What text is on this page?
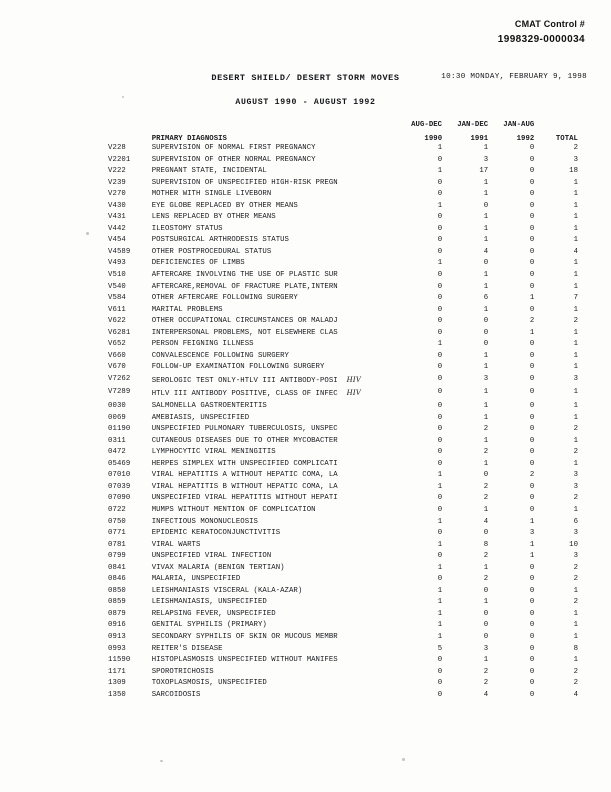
CMAT Control #
1998329-0000034
DESERT SHIELD/ DESERT STORM MOVES	10:30 MONDAY, FEBRUARY 9, 1998
AUGUST 1990 - AUGUST 1992
		AUG-DEC	JAN-DEC	JAN-AUG	
	PRIMARY DIAGNOSIS	1990	1991	1992	TOTAL
V228	SUPERVISION OF NORMAL FIRST PREGNANCY	1	1	0	2
V2201	SUPERVISION OF OTHER NORMAL PREGNANCY	0	3	0	3
V222	PREGNANT STATE, INCIDENTAL	1	17	0	18
V239	SUPERVISION OF UNSPECIFIED HIGH-RISK PREGN	0	1	0	1
V270	MOTHER WITH SINGLE LIVEBORN	0	1	0	1
V430	EYE GLOBE REPLACED BY OTHER MEANS	1	0	0	1
V431	LENS REPLACED BY OTHER MEANS	0	1	0	1
V442	ILEOSTOMY STATUS	0	1	0	1
V454	POSTSURGICAL ARTHRODESIS STATUS	0	1	0	1
V4589	OTHER POSTPROCEDURAL STATUS	0	4	0	4
V493	DEFICIENCIES OF LIMBS	1	0	0	1
V510	AFTERCARE INVOLVING THE USE OF PLASTIC SUR	0	1	0	1
V540	AFTERCARE,REMOVAL OF FRACTURE PLATE,INTERN	0	1	0	1
V584	OTHER AFTERCARE FOLLOWING SURGERY	0	6	1	7
V611	MARITAL PROBLEMS	0	1	0	1
V622	OTHER OCCUPATIONAL CIRCUMSTANCES OR MALADJ	0	0	2	2
V6281	INTERPERSONAL PROBLEMS, NOT ELSEWHERE CLAS	0	0	1	1
V652	PERSON FEIGNING ILLNESS	1	0	0	1
V660	CONVALESCENCE FOLLOWING SURGERY	0	1	0	1
V670	FOLLOW-UP EXAMINATION FOLLOWING SURGERY	0	1	0	1
V7262	SEROLOGIC TEST ONLY-HTLV III ANTIBODY-POSI HIV	0	3	0	3
V7289	HTLV III ANTIBODY POSITIVE, CLASS OF INFEC HIV	0	1	0	1
0030	SALMONELLA GASTROENTERITIS	0	1	0	1
0069	AMEBIASIS, UNSPECIFIED	0	1	0	1
01190	UNSPECIFIED PULMONARY TUBERCULOSIS, UNSPEC	0	2	0	2
0311	CUTANEOUS DISEASES DUE TO OTHER MYCOBACTER	0	1	0	1
0472	LYMPHOCYTIC VIRAL MENINGITIS	0	2	0	2
05469	HERPES SIMPLEX WITH UNSPECIFIED COMPLICATI	0	1	0	1
07010	VIRAL HEPATITIS A WITHOUT HEPATIC COMA, LA	1	0	2	3
07039	VIRAL HEPATITIS B WITHOUT HEPATIC COMA, LA	1	2	0	3
07090	UNSPECIFIED VIRAL HEPATITIS WITHOUT HEPATI	0	2	0	2
0722	MUMPS WITHOUT MENTION OF COMPLICATION	0	1	0	1
0750	INFECTIOUS MONONUCLEOSIS	1	4	1	6
0771	EPIDEMIC KERATOCONJUNCTIVITIS	0	0	3	3
0781	VIRAL WARTS	1	8	1	10
0799	UNSPECIFIED VIRAL INFECTION	0	2	1	3
0841	VIVAX MALARIA (BENIGN TERTIAN)	1	1	0	2
0846	MALARIA, UNSPECIFIED	0	2	0	2
0850	LEISHMANIASIS VISCERAL (KALA-AZAR)	1	0	0	1
0859	LEISHMANIASIS, UNSPECIFIED	1	1	0	2
0879	RELAPSING FEVER, UNSPECIFIED	1	0	0	1
0916	GENITAL SYPHILIS (PRIMARY)	1	0	0	1
0913	SECONDARY SYPHILIS OF SKIN OR MUCOUS MEMBR	1	0	0	1
0993	REITER'S DISEASE	5	3	0	8
11590	HISTOPLASMOSIS UNSPECIFIED WITHOUT MANIFES	0	1	0	1
1171	SPOROTRICHOSIS	0	2	0	2
1309	TOXOPLASMOSIS, UNSPECIFIED	0	2	0	2
1350	SARCOIDOSIS	0	4	0	4
